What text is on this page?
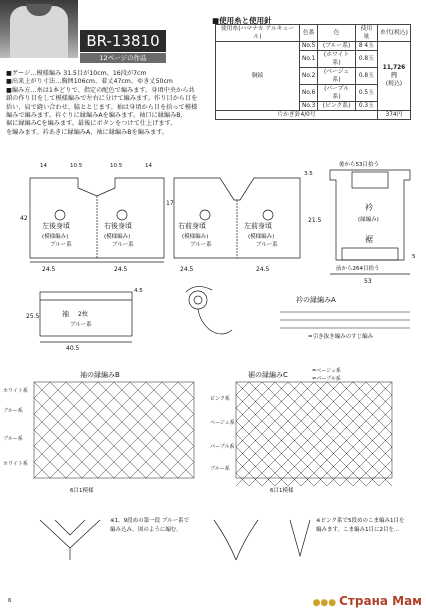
BR-13810
12ページの作品
■使用糸と使用針
使用糸(ハマナカ アルキュール)	色番	色	使用量	糸代(税込)
胴綾	No.5	(ブルー系)	8 4玉	11,726円
(税込)
	No.1	(ホワイト系)	0.8玉	
	No.2	(ベージュ系)	0.8玉	
	No.6	(パープル系)	0.5玉	
	No.3	(ピンク系)	0.3玉	
片かぎ針4/0号				374円
■ゲージ…模様編み 31.5目が10cm、16段が7cm
■出来上がり寸法…胸囲106cm、着丈47cm、ゆき丈50cm
■編み方…糸は1本どりで、指定の配色で編みます。身頃中央から共
鎖の作り目をして模様編みで左右に分けて編みます。作り目から目を
拾い、肩で縫い合わせ、脇ととじます。袖は身頃から目を拾って模様
編みで編みます。衿ぐりに縁編みAを編みます。袖口に縁編みB、
裾に縁編みCを編みます。最後にボタンをつけて仕上げます。
を編みます。衿あきに縁編みA、袖に縁編みBを編みます。
左後身頃	右後身頃
(模様編み)	(模様編み)
ブルー系	ブルー系
42
24.5	24.5
14	10.5	10.5	14
右前身頃	左前身頃
(模様編み)	(模様編み)
ブルー系	ブルー系
21.5
17
24.5	24.5
3.5
後から53目拾う
衿
(縁編み)
裾
前から264目拾う
53
5
袖 2枚
ブルー系
25.5
40.5
4.5
衿の縁編みA
=引き抜き編みのすじ編み
袖の縁編みB
ホワイト系
ブルー系
ブルー系
ホワイト系
6目1模様
裾の縁編みC	=ベージュ系
=パープル系
ピンク系
ベージュ系
パープル系
ブルー系
6目1模様
※1、9段めの第一段 ブルー系で
編み込み。図のように編む。
※ピンク系で5段めのこま編み1目を
編みます。こま編み1目に2目を…
6	●●● Страна Мам
